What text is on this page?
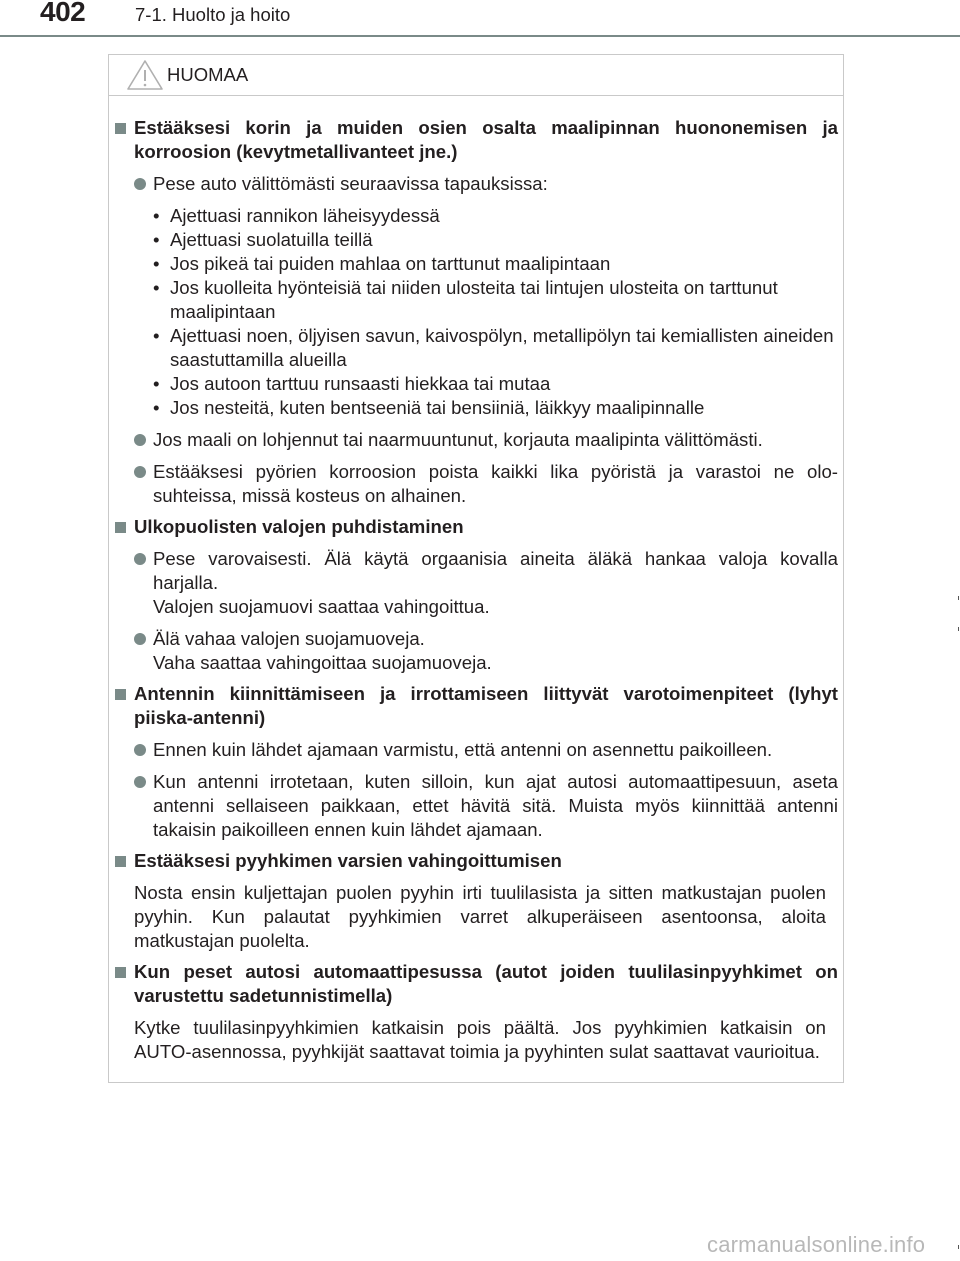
402	7-1. Huolto ja hoito
HUOMAA
Estääksesi korin ja muiden osien osalta maalipinnan huononemisen ja korroosion (kevytmetallivanteet jne.)

Pese auto välittömästi seuraavissa tapauksissa:

• Ajettuasi rannikon läheisyydessä
• Ajettuasi suolatuilla teillä
• Jos pikeä tai puiden mahlaa on tarttunut maalipintaan
• Jos kuolleita hyönteisiä tai niiden ulosteita tai lintujen ulosteita on tarttunut maalipintaan
• Ajettuasi noen, öljyisen savun, kaivospölyn, metallipölyn tai kemiallisten aineiden saastuttamilla alueilla
• Jos autoon tarttuu runsaasti hiekkaa tai mutaa
• Jos nesteitä, kuten bentseeniä tai bensiiniä, läikkyy maalipinnalle

Jos maali on lohjennut tai naarmuuntunut, korjauta maalipinta välittömästi.

Estääksesi pyörien korroosion poista kaikki lika pyöristä ja varastoi ne olosuhteissa, missä kosteus on alhainen.

Ulkopuolisten valojen puhdistaminen

Pese varovaisesti. Älä käytä orgaanisia aineita äläkä hankaa valoja kovalla harjalla.

Valojen suojamuovi saattaa vahingoittua.

Älä vahaa valojen suojamuoveja.

Vaha saattaa vahingoittaa suojamuoveja.

Antennin kiinnittämiseen ja irrottamiseen liittyvät varotoimenpiteet (lyhyt piiska-antenni)

Ennen kuin lähdet ajamaan varmistu, että antenni on asennettu paikoilleen.

Kun antenni irrotetaan, kuten silloin, kun ajat autosi automaattipesuun, aseta antenni sellaiseen paikkaan, ettet hävitä sitä. Muista myös kiinnittää antenni takaisin paikoilleen ennen kuin lähdet ajamaan.

Estääksesi pyyhkimen varsien vahingoittumisen
Nosta ensin kuljettajan puolen pyyhin irti tuulilasista ja sitten matkustajan puolen pyyhin. Kun palautat pyyhkimien varret alkuperäiseen asentoonsa, aloita matkustajan puolelta.
Kun peset autosi automaattipesussa (autot joiden tuulilasinpyyhkimet on varustettu sadetunnistimella)
Kytke tuulilasinpyyhkimien katkaisin pois päältä. Jos pyyhkimien katkaisin on AUTO-asennossa, pyyhkijät saattavat toimia ja pyyhinten sulat saattavat vaurioitua.
carmanualsonline.info
